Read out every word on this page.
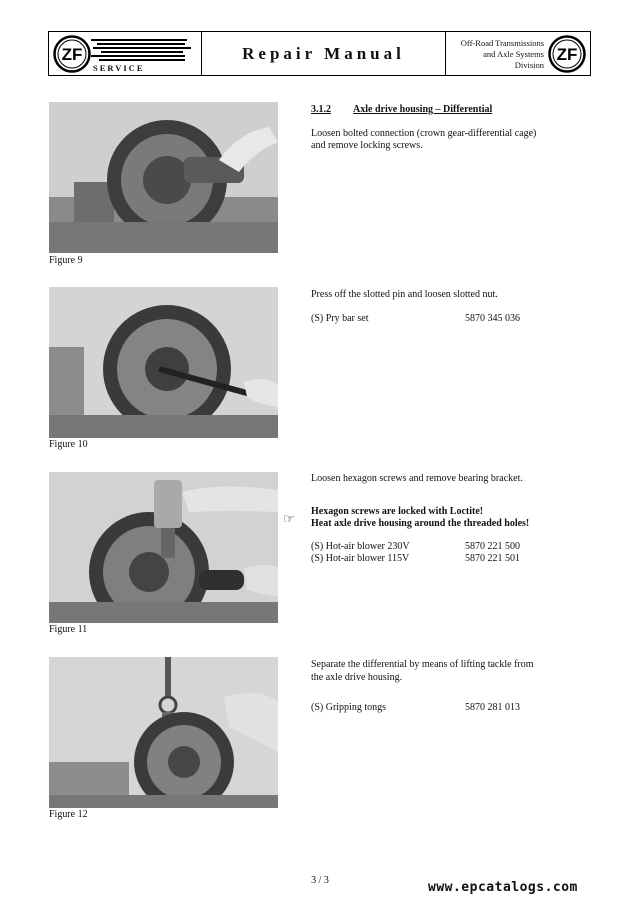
ZF
SERVICE
Repair Manual
Off-Road Transmissions
and Axle Systems
Division
ZF
Figure 9
3.1.2 Axle drive housing – Differential
Loosen bolted connection (crown gear-differential cage)
and remove locking screws.
Figure 10
Press off the slotted pin and loosen slotted nut.
(S) Pry bar set	5870 345 036
Figure 11
☞
Loosen hexagon screws and remove bearing bracket.
Hexagon screws are locked with Loctite!
Heat axle drive housing around the threaded holes!
(S) Hot-air blower 230V	5870 221 500
(S) Hot-air blower 115V	5870 221 501
Figure 12
Separate the differential by means of lifting tackle from
the axle drive housing.
(S) Gripping tongs	5870 281 013
3 / 3	www.epcatalogs.com
